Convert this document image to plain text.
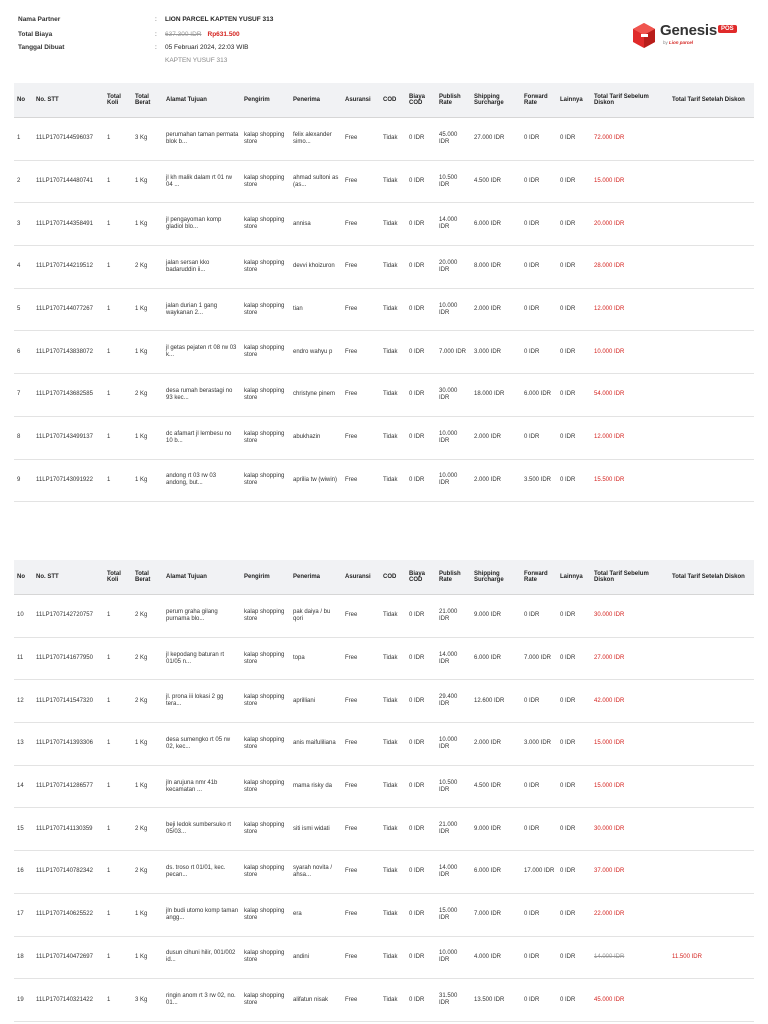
Nama Partner	: LION PARCEL KAPTEN YUSUF 313
Total Biaya	: 637.300 IDR Rp631.500
Tanggal Dibuat	: 05 Februari 2024, 22:03 WIB
KAPTEN YUSUF 313
Genesis POS
by Lion parcel
No	No. STT	Total Koli	Total Berat	Alamat Tujuan	Pengirim	Penerima	Asuransi	COD	Biaya COD	Publish Rate	Shipping Surcharge	Forward Rate	Lainnya	Total Tarif Sebelum Diskon	Total Tarif Setelah Diskon
1	11LP1707144596037	1	3 Kg	perumahan taman permata blok b...	kalap shopping store	felix alexander simo...	Free	Tidak	0 IDR	45.000 IDR	27.000 IDR	0 IDR	0 IDR	72.000 IDR	
2	11LP1707144480741	1	1 Kg	jl kh malik dalam rt 01 rw 04 ...	kalap shopping store	ahmad sultoni as (as...	Free	Tidak	0 IDR	10.500 IDR	4.500 IDR	0 IDR	0 IDR	15.000 IDR	
3	11LP1707144358491	1	1 Kg	jl pengayoman komp gladiol blo...	kalap shopping store	annisa	Free	Tidak	0 IDR	14.000 IDR	6.000 IDR	0 IDR	0 IDR	20.000 IDR	
4	11LP1707144219512	1	2 Kg	jalan sersan kko badaruddin ii...	kalap shopping store	devvi khoizuron	Free	Tidak	0 IDR	20.000 IDR	8.000 IDR	0 IDR	0 IDR	28.000 IDR	
5	11LP1707144077267	1	1 Kg	jalan durian 1 gang waykanan 2...	kalap shopping store	tian	Free	Tidak	0 IDR	10.000 IDR	2.000 IDR	0 IDR	0 IDR	12.000 IDR	
6	11LP1707143838072	1	1 Kg	jl getas pejaten rt 08 rw 03 k...	kalap shopping store	endro wahyu p	Free	Tidak	0 IDR	7.000 IDR	3.000 IDR	0 IDR	0 IDR	10.000 IDR	
7	11LP1707143682585	1	2 Kg	desa rumah berastagi no 93 kec...	kalap shopping store	christyne pinem	Free	Tidak	0 IDR	30.000 IDR	18.000 IDR	6.000 IDR	0 IDR	54.000 IDR	
8	11LP1707143499137	1	1 Kg	dc afamart jl lembesu no 10 b...	kalap shopping store	abukhazin	Free	Tidak	0 IDR	10.000 IDR	2.000 IDR	0 IDR	0 IDR	12.000 IDR	
9	11LP1707143091922	1	1 Kg	andong rt 03 rw 03 andong, but...	kalap shopping store	aprilia tw (wiwin)	Free	Tidak	0 IDR	10.000 IDR	2.000 IDR	3.500 IDR	0 IDR	15.500 IDR	
No	No. STT	Total Koli	Total Berat	Alamat Tujuan	Pengirim	Penerima	Asuransi	COD	Biaya COD	Publish Rate	Shipping Surcharge	Forward Rate	Lainnya	Total Tarif Sebelum Diskon	Total Tarif Setelah Diskon
10	11LP1707142720757	1	2 Kg	perum graha gilang purnama blo...	kalap shopping store	pak daiya / bu qori	Free	Tidak	0 IDR	21.000 IDR	9.000 IDR	0 IDR	0 IDR	30.000 IDR	
11	11LP1707141677950	1	2 Kg	jl kepodang baturan rt 01/05 n...	kalap shopping store	topa	Free	Tidak	0 IDR	14.000 IDR	6.000 IDR	7.000 IDR	0 IDR	27.000 IDR	
12	11LP1707141547320	1	2 Kg	jl. prona iii lokasi 2 gg tera...	kalap shopping store	aprilliani	Free	Tidak	0 IDR	29.400 IDR	12.600 IDR	0 IDR	0 IDR	42.000 IDR	
13	11LP1707141393306	1	1 Kg	desa sumengko rt 05 rw 02, kec...	kalap shopping store	anis maifuliliana	Free	Tidak	0 IDR	10.000 IDR	2.000 IDR	3.000 IDR	0 IDR	15.000 IDR	
14	11LP1707141286577	1	1 Kg	jln arujuna nmr 41b kecamatan ...	kalap shopping store	mama risky da	Free	Tidak	0 IDR	10.500 IDR	4.500 IDR	0 IDR	0 IDR	15.000 IDR	
15	11LP1707141130359	1	2 Kg	beji ledok sumbersuko rt 05/03...	kalap shopping store	siti ismi widati	Free	Tidak	0 IDR	21.000 IDR	9.000 IDR	0 IDR	0 IDR	30.000 IDR	
16	11LP1707140782342	1	2 Kg	ds. troso rt 01/01, kec. pecan...	kalap shopping store	syarah novita / ahsa...	Free	Tidak	0 IDR	14.000 IDR	6.000 IDR	17.000 IDR	0 IDR	37.000 IDR	
17	11LP1707140625522	1	1 Kg	jln budi utomo komp taman angg...	kalap shopping store	era	Free	Tidak	0 IDR	15.000 IDR	7.000 IDR	0 IDR	0 IDR	22.000 IDR	
18	11LP1707140472697	1	1 Kg	dusun cihuni hilir, 001/002 id...	kalap shopping store	andini	Free	Tidak	0 IDR	10.000 IDR	4.000 IDR	0 IDR	0 IDR	14.000 IDR	11.500 IDR
19	11LP1707140321422	1	3 Kg	ringin anom rt 3 rw 02, no. 01...	kalap shopping store	alifatun nisak	Free	Tidak	0 IDR	31.500 IDR	13.500 IDR	0 IDR	0 IDR	45.000 IDR	
